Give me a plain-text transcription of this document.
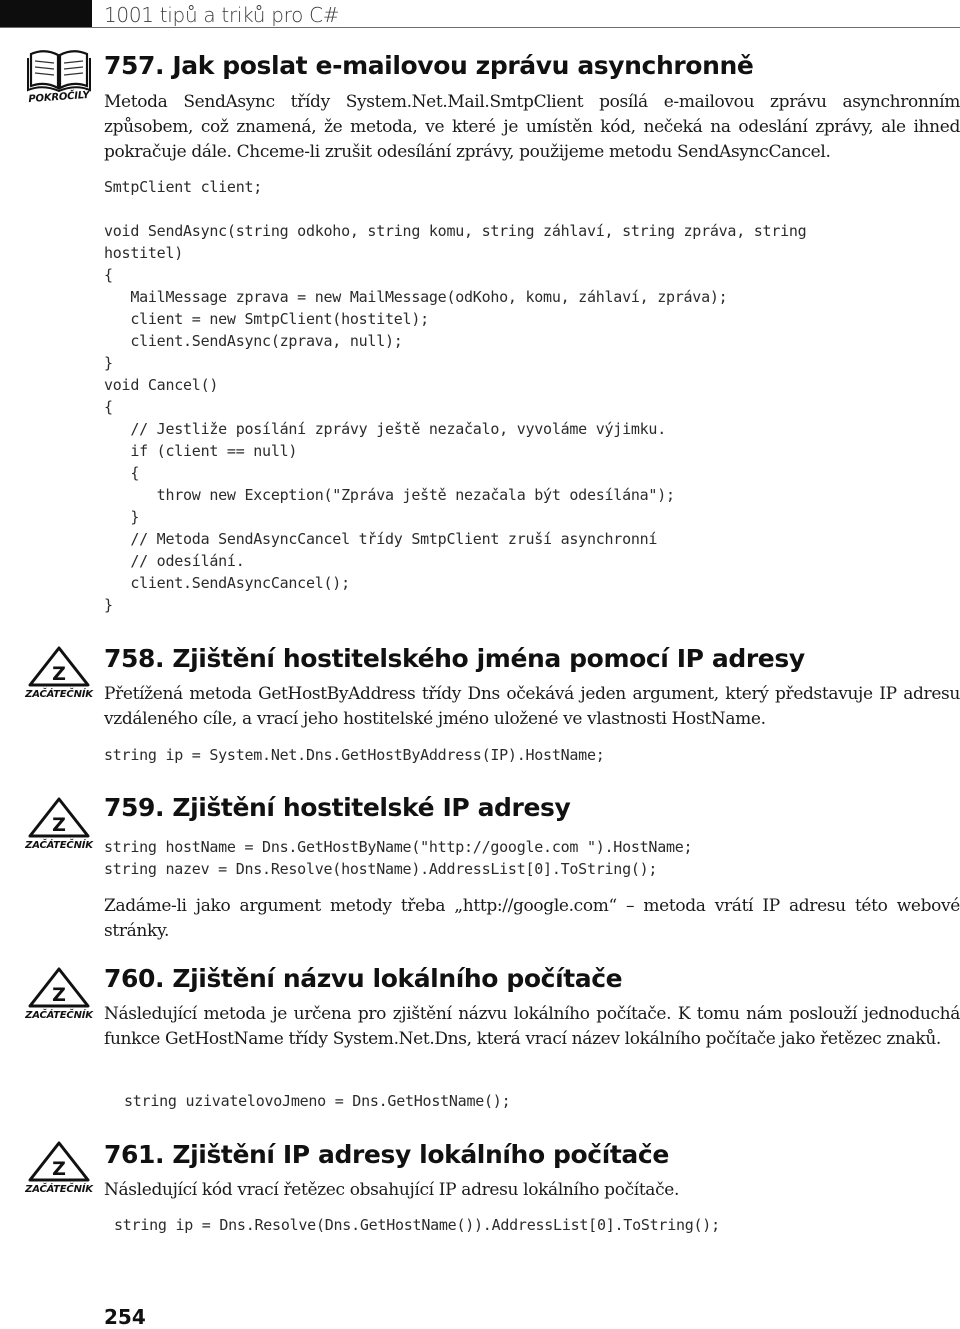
1001 tipů a triků pro C#
POKROČILÝ
757. Jak poslat e-mailovou zprávu asynchronně

Metoda SendAsync třídy System.Net.Mail.SmtpClient posílá e-mailovou zprávu asynchronním způsobem, což znamená, že metoda, ve které je umístěn kód, nečeká na odeslání zprávy, ale ihned pokračuje dále. Chceme-li zrušit odesílání zprávy, použijeme metodu SendAsyncCancel.

SmtpClient client;

void SendAsync(string odkoho, string komu, string záhlaví, string zpráva, string
hostitel)
{
MailMessage zprava = new MailMessage(odKoho, komu, záhlaví, zpráva);
client = new SmtpClient(hostitel);
client.SendAsync(zprava, null);
}
void Cancel()
{
// Jestliže posílání zprávy ještě nezačalo, vyvoláme výjimku.
if (client == null)
{
throw new Exception("Zpráva ještě nezačala být odesílána");
}
// Metoda SendAsyncCancel třídy SmtpClient zruší asynchronní
// odesílání.
client.SendAsyncCancel();
}
Z
ZAČÁTEČNÍK
758. Zjištění hostitelského jména pomocí IP adresy

Přetížená metoda GetHostByAddress třídy Dns očekává jeden argument, který představuje IP adresu vzdáleného cíle, a vrací jeho hostitelské jméno uložené ve vlastnosti HostName.

string ip = System.Net.Dns.GetHostByAddress(IP).HostName;
Z
ZAČÁTEČNÍK
759. Zjištění hostitelské IP adresy
string hostName = Dns.GetHostByName("http://google.com ").HostName;
string nazev = Dns.Resolve(hostName).AddressList[0].ToString();

Zadáme-li jako argument metody třeba „http://google.com“ – metoda vrátí IP adresu této webové stránky.

Z
ZAČÁTEČNÍK
760. Zjištění názvu lokálního počítače

Následující metoda je určena pro zjištění názvu lokálního počítače. K tomu nám poslouží jednoduchá funkce GetHostName třídy System.Net.Dns, která vrací název lokálního počítače jako řetězec znaků.

string uzivatelovoJmeno = Dns.GetHostName();
Z
ZAČÁTEČNÍK
761. Zjištění IP adresy lokálního počítače

Následující kód vrací řetězec obsahující IP adresu lokálního počítače.

string ip = Dns.Resolve(Dns.GetHostName()).AddressList[0].ToString();
254
